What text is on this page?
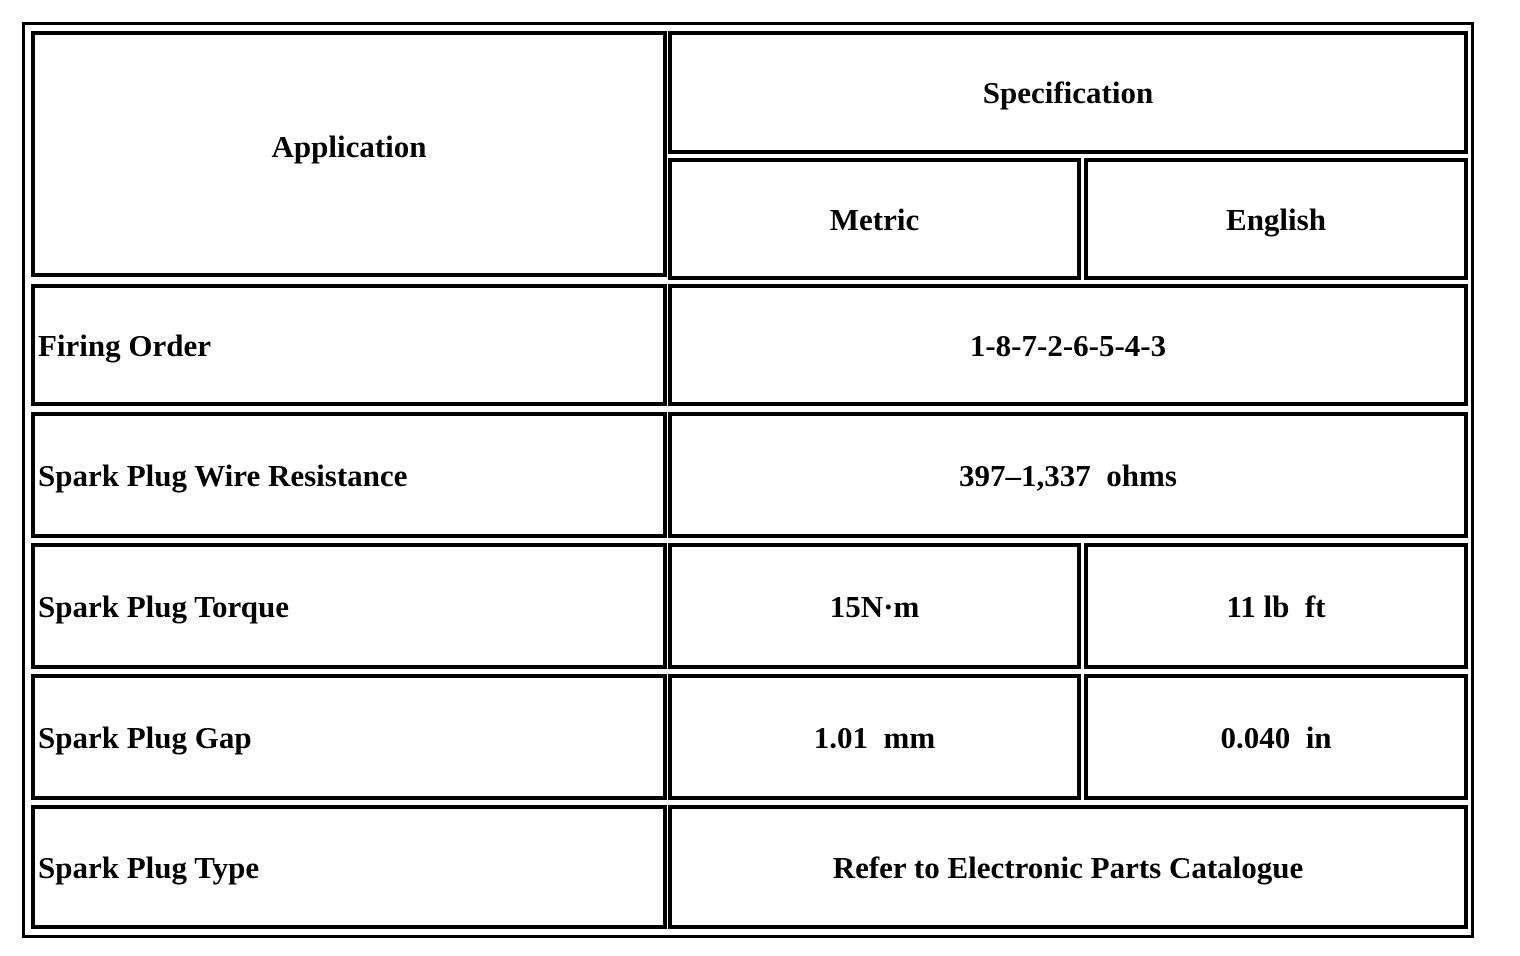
Application
Specification
Metric	English
Firing Order	1-8-7-2-6-5-4-3
Spark Plug Wire Resistance	397–1,337  ohms
Spark Plug Torque	15N·m	11 lb  ft
Spark Plug Gap	1.01  mm	0.040  in
Spark Plug Type	Refer to Electronic Parts Catalogue
